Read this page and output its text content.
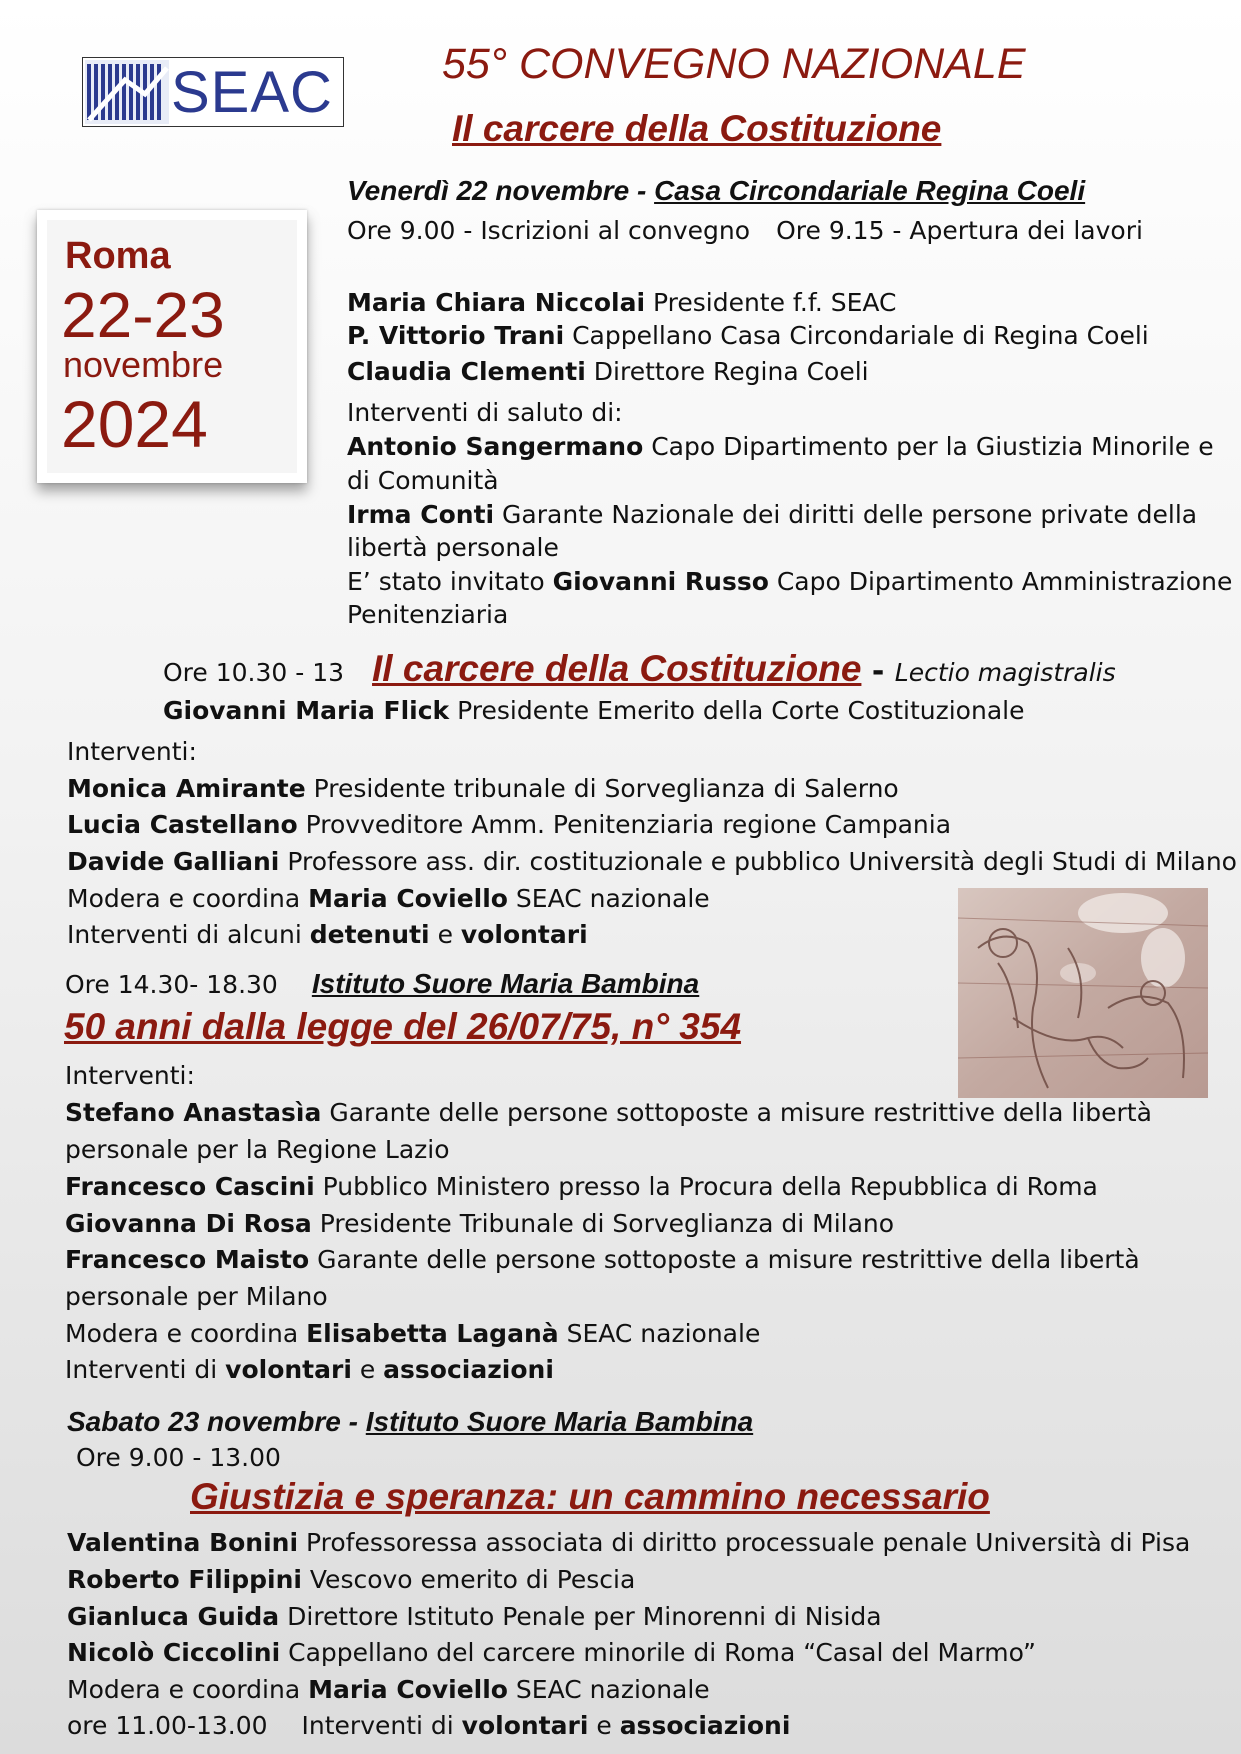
SEAC	55° CONVEGNO NAZIONALE
Il carcere della Costituzione
Roma
22-23
novembre
2024
Venerdì 22 novembre - Casa Circondariale Regina Coeli
Ore 9.00 - Iscrizioni al convegno Ore 9.15 - Apertura dei lavori
Maria Chiara Niccolai Presidente f.f. SEAC
P. Vittorio Trani Cappellano Casa Circondariale di Regina Coeli
Claudia Clementi Direttore Regina Coeli
Interventi di saluto di:
Antonio Sangermano Capo Dipartimento per la Giustizia Minorile e
di Comunità
Irma Conti Garante Nazionale dei diritti delle persone private della
libertà personale
E’ stato invitato Giovanni Russo Capo Dipartimento Amministrazione
Penitenziaria
Ore 10.30 - 13 Il carcere della Costituzione - Lectio magistralis
Giovanni Maria Flick Presidente Emerito della Corte Costituzionale
Interventi:
Monica Amirante Presidente tribunale di Sorveglianza di Salerno
Lucia Castellano Provveditore Amm. Penitenziaria regione Campania
Davide Galliani Professore ass. dir. costituzionale e pubblico Università degli Studi di Milano
Modera e coordina Maria Coviello SEAC nazionale
Interventi di alcuni detenuti e volontari
Ore 14.30- 18.30 Istituto Suore Maria Bambina
50 anni dalla legge del 26/07/75, n° 354
Interventi:
Stefano Anastasìa Garante delle persone sottoposte a misure restrittive della libertà
personale per la Regione Lazio
Francesco Cascini Pubblico Ministero presso la Procura della Repubblica di Roma
Giovanna Di Rosa Presidente Tribunale di Sorveglianza di Milano
Francesco Maisto Garante delle persone sottoposte a misure restrittive della libertà
personale per Milano
Modera e coordina Elisabetta Laganà SEAC nazionale
Interventi di volontari e associazioni
Sabato 23 novembre - Istituto Suore Maria Bambina
Ore 9.00 - 13.00
Giustizia e speranza: un cammino necessario
Valentina Bonini Professoressa associata di diritto processuale penale Università di Pisa
Roberto Filippini Vescovo emerito di Pescia
Gianluca Guida Direttore Istituto Penale per Minorenni di Nisida
Nicolò Ciccolini Cappellano del carcere minorile di Roma “Casal del Marmo”
Modera e coordina Maria Coviello SEAC nazionale
ore 11.00-13.00 Interventi di volontari e associazioni
